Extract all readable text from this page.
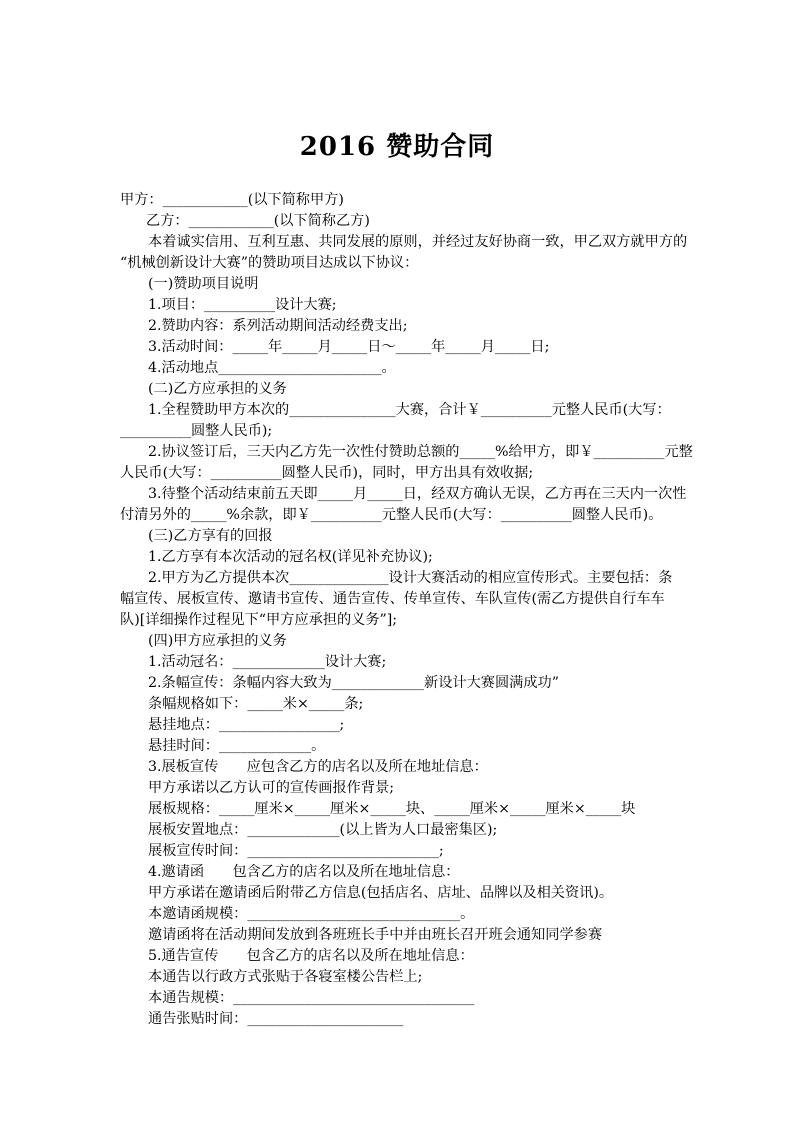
2016 赞助合同
甲方：____________(以下简称甲方)
乙方：____________(以下简称乙方)
本着诚实信用、互利互惠、共同发展的原则，并经过友好协商一致，甲乙双方就甲方的
“机械创新设计大赛”的赞助项目达成以下协议：
(一)赞助项目说明
1.项目：__________设计大赛;
2.赞助内容：系列活动期间活动经费支出;
3.活动时间：_____年_____月_____日～_____年_____月_____日;
4.活动地点_______________________。
(二)乙方应承担的义务
1.全程赞助甲方本次的_______________大赛，合计￥__________元整人民币(大写：
__________圆整人民币);
2.协议签订后，三天内乙方先一次性付赞助总额的_____%给甲方，即￥__________元整
人民币(大写：__________圆整人民币)，同时，甲方出具有效收据;
3.待整个活动结束前五天即_____月_____日，经双方确认无误，乙方再在三天内一次性
付清另外的_____%余款，即￥__________元整人民币(大写：__________圆整人民币)。
(三)乙方享有的回报
1.乙方享有本次活动的冠名权(详见补充协议);
2.甲方为乙方提供本次______________设计大赛活动的相应宣传形式。主要包括：条
幅宣传、展板宣传、邀请书宣传、通告宣传、传单宣传、车队宣传(需乙方提供自行车车
队)[详细操作过程见下“甲方应承担的义务”];
(四)甲方应承担的义务
1.活动冠名：_____________设计大赛;
2.条幅宣传：条幅内容大致为_____________新设计大赛圆满成功”
条幅规格如下：_____米×_____条;
悬挂地点：_________________;
悬挂时间：_____________。
3.展板宣传　　应包含乙方的店名以及所在地址信息：
甲方承诺以乙方认可的宣传画报作背景;
展板规格：_____厘米×_____厘米×_____块、_____厘米×_____厘米×_____块
展板安置地点：_____________(以上皆为人口最密集区);
展板宣传时间：___________________________;
4.邀请函　　包含乙方的店名以及所在地址信息：
甲方承诺在邀请函后附带乙方信息(包括店名、店址、品牌以及相关资讯)。
本邀请函规模：______________________________。
邀请函将在活动期间发放到各班班长手中并由班长召开班会通知同学参赛
5.通告宣传　　包含乙方的店名以及所在地址信息：
本通告以行政方式张贴于各寝室楼公告栏上;
本通告规模：__________________________________
通告张贴时间：______________________
